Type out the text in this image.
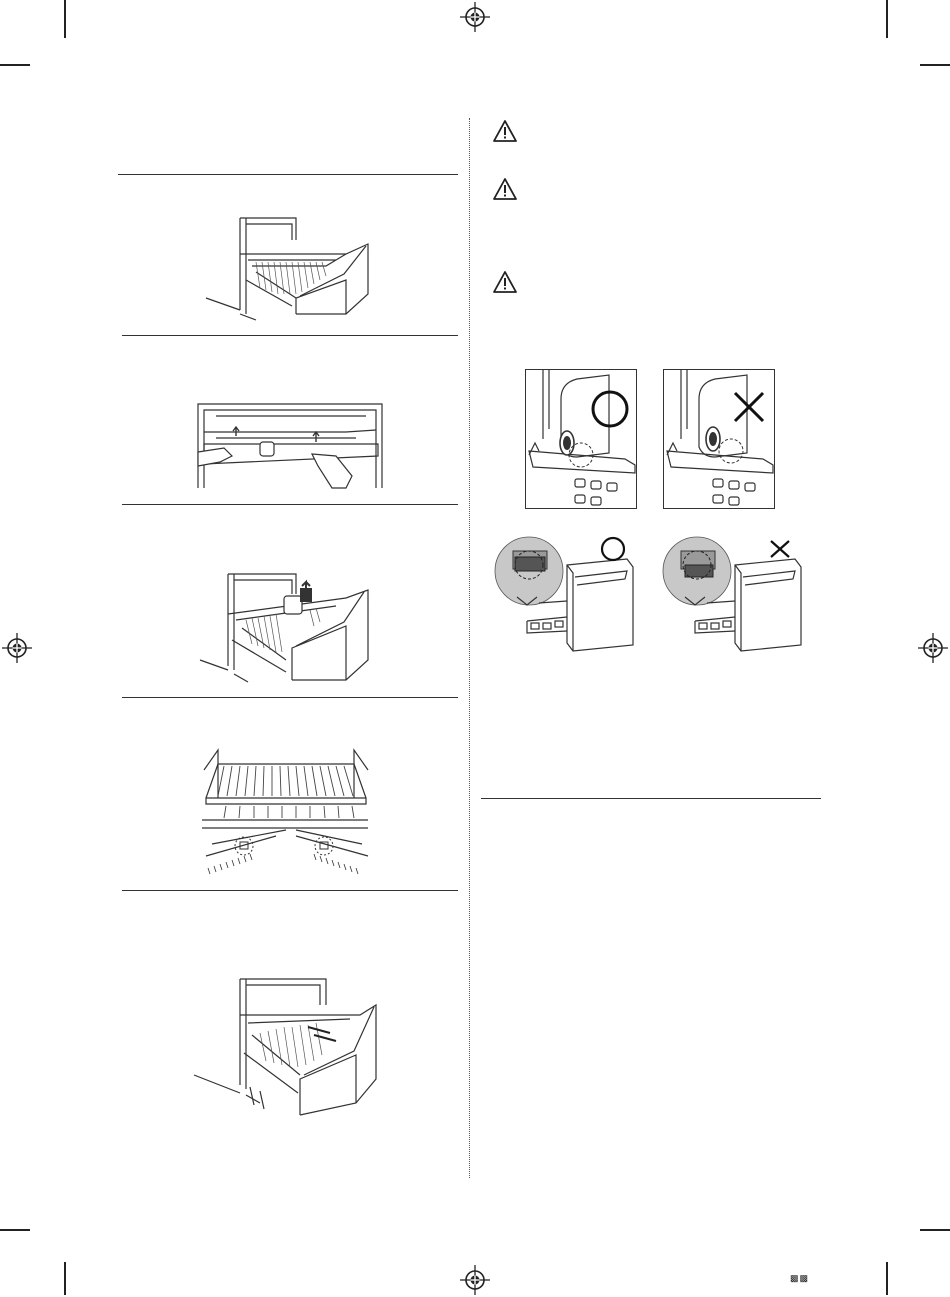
▩▩
